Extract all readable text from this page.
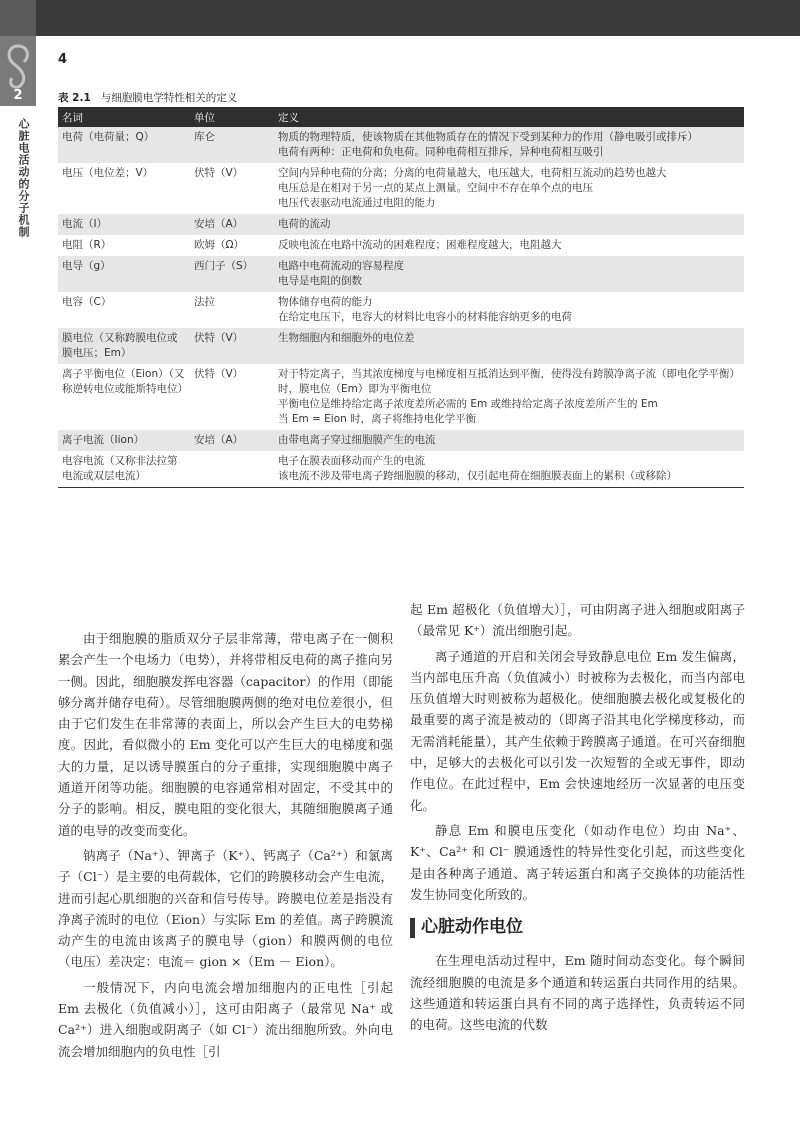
2
心脏电活动的分子机制
4
表 2.1 与细胞膜电学特性相关的定义
名词	单位	定义
电荷（电荷量；Q）	库仑	物质的物理特质，使该物质在其他物质存在的情况下受到某种力的作用（静电吸引或排斥）
电荷有两种：正电荷和负电荷。同种电荷相互排斥，异种电荷相互吸引

电压（电位差；V）	伏特（V）	空间内异种电荷的分离；分离的电荷量越大，电压越大，电荷相互流动的趋势也越大
电压总是在相对于另一点的某点上测量。空间中不存在单个点的电压
电压代表驱动电流通过电阻的能力

电流（I）	安培（A）	电荷的流动

电阻（R）	欧姆（Ω）	反映电流在电路中流动的困难程度；困难程度越大，电阻越大

电导（g）	西门子（S）	电路中电荷流动的容易程度
电导是电阻的倒数

电容（C）	法拉	物体储存电荷的能力
在给定电压下，电容大的材料比电容小的材料能容纳更多的电荷

膜电位（又称跨膜电位或膜电压；Em）	伏特（V）	生物细胞内和细胞外的电位差

离子平衡电位（Eion）（又称逆转电位或能斯特电位）	伏特（V）	对于特定离子，当其浓度梯度与电梯度相互抵消达到平衡，使得没有跨膜净离子流（即电化学平衡）时，膜电位（Em）即为平衡电位
平衡电位是维持给定离子浓度差所必需的 Em 或维持给定离子浓度差所产生的 Em
当 Em = Eion 时，离子将维持电化学平衡

离子电流（Iion）	安培（A）	由带电离子穿过细胞膜产生的电流

电容电流（又称非法拉第电流或双层电流）		电子在膜表面移动而产生的电流
该电流不涉及带电离子跨细胞膜的移动，仅引起电荷在细胞膜表面上的累积（或移除）

由于细胞膜的脂质双分子层非常薄，带电离子在一侧积累会产生一个电场力（电势），并将带相反电荷的离子推向另一侧。因此，细胞膜发挥电容器（capacitor）的作用（即能够分离并储存电荷）。尽管细胞膜两侧的绝对电位差很小，但由于它们发生在非常薄的表面上，所以会产生巨大的电势梯度。因此，看似微小的 Em 变化可以产生巨大的电梯度和强大的力量，足以诱导膜蛋白的分子重排，实现细胞膜中离子通道开闭等功能。细胞膜的电容通常相对固定，不受其中的分子的影响。相反，膜电阻的变化很大，其随细胞膜离子通道的电导的改变而变化。

钠离子（Na⁺）、钾离子（K⁺）、钙离子（Ca²⁺）和氯离子（Cl⁻）是主要的电荷载体，它们的跨膜移动会产生电流，进而引起心肌细胞的兴奋和信号传导。跨膜电位差是指没有净离子流时的电位（Eion）与实际 Em 的差值。离子跨膜流动产生的电流由该离子的膜电导（gion）和膜两侧的电位（电压）差决定：电流＝ gion ×（Em － Eion）。

一般情况下，内向电流会增加细胞内的正电性［引起 Em 去极化（负值减小）］，这可由阳离子（最常见 Na⁺ 或 Ca²⁺）进入细胞或阴离子（如 Cl⁻）流出细胞所致。外向电流会增加细胞内的负电性［引

起 Em 超极化（负值增大）］，可由阴离子进入细胞或阳离子（最常见 K⁺）流出细胞引起。

离子通道的开启和关闭会导致静息电位 Em 发生偏离，当内部电压升高（负值减小）时被称为去极化，而当内部电压负值增大时则被称为超极化。使细胞膜去极化或复极化的最重要的离子流是被动的（即离子沿其电化学梯度移动，而无需消耗能量），其产生依赖于跨膜离子通道。在可兴奋细胞中，足够大的去极化可以引发一次短暂的全或无事件，即动作电位。在此过程中，Em 会快速地经历一次显著的电压变化。

静息 Em 和膜电压变化（如动作电位）均由 Na⁺、K⁺、Ca²⁺ 和 Cl⁻ 膜通透性的特异性变化引起，而这些变化是由各种离子通道、离子转运蛋白和离子交换体的功能活性发生协同变化所致的。

心脏动作电位

在生理电活动过程中，Em 随时间动态变化。每个瞬间流经细胞膜的电流是多个通道和转运蛋白共同作用的结果。这些通道和转运蛋白具有不同的离子选择性，负责转运不同的电荷。这些电流的代数
